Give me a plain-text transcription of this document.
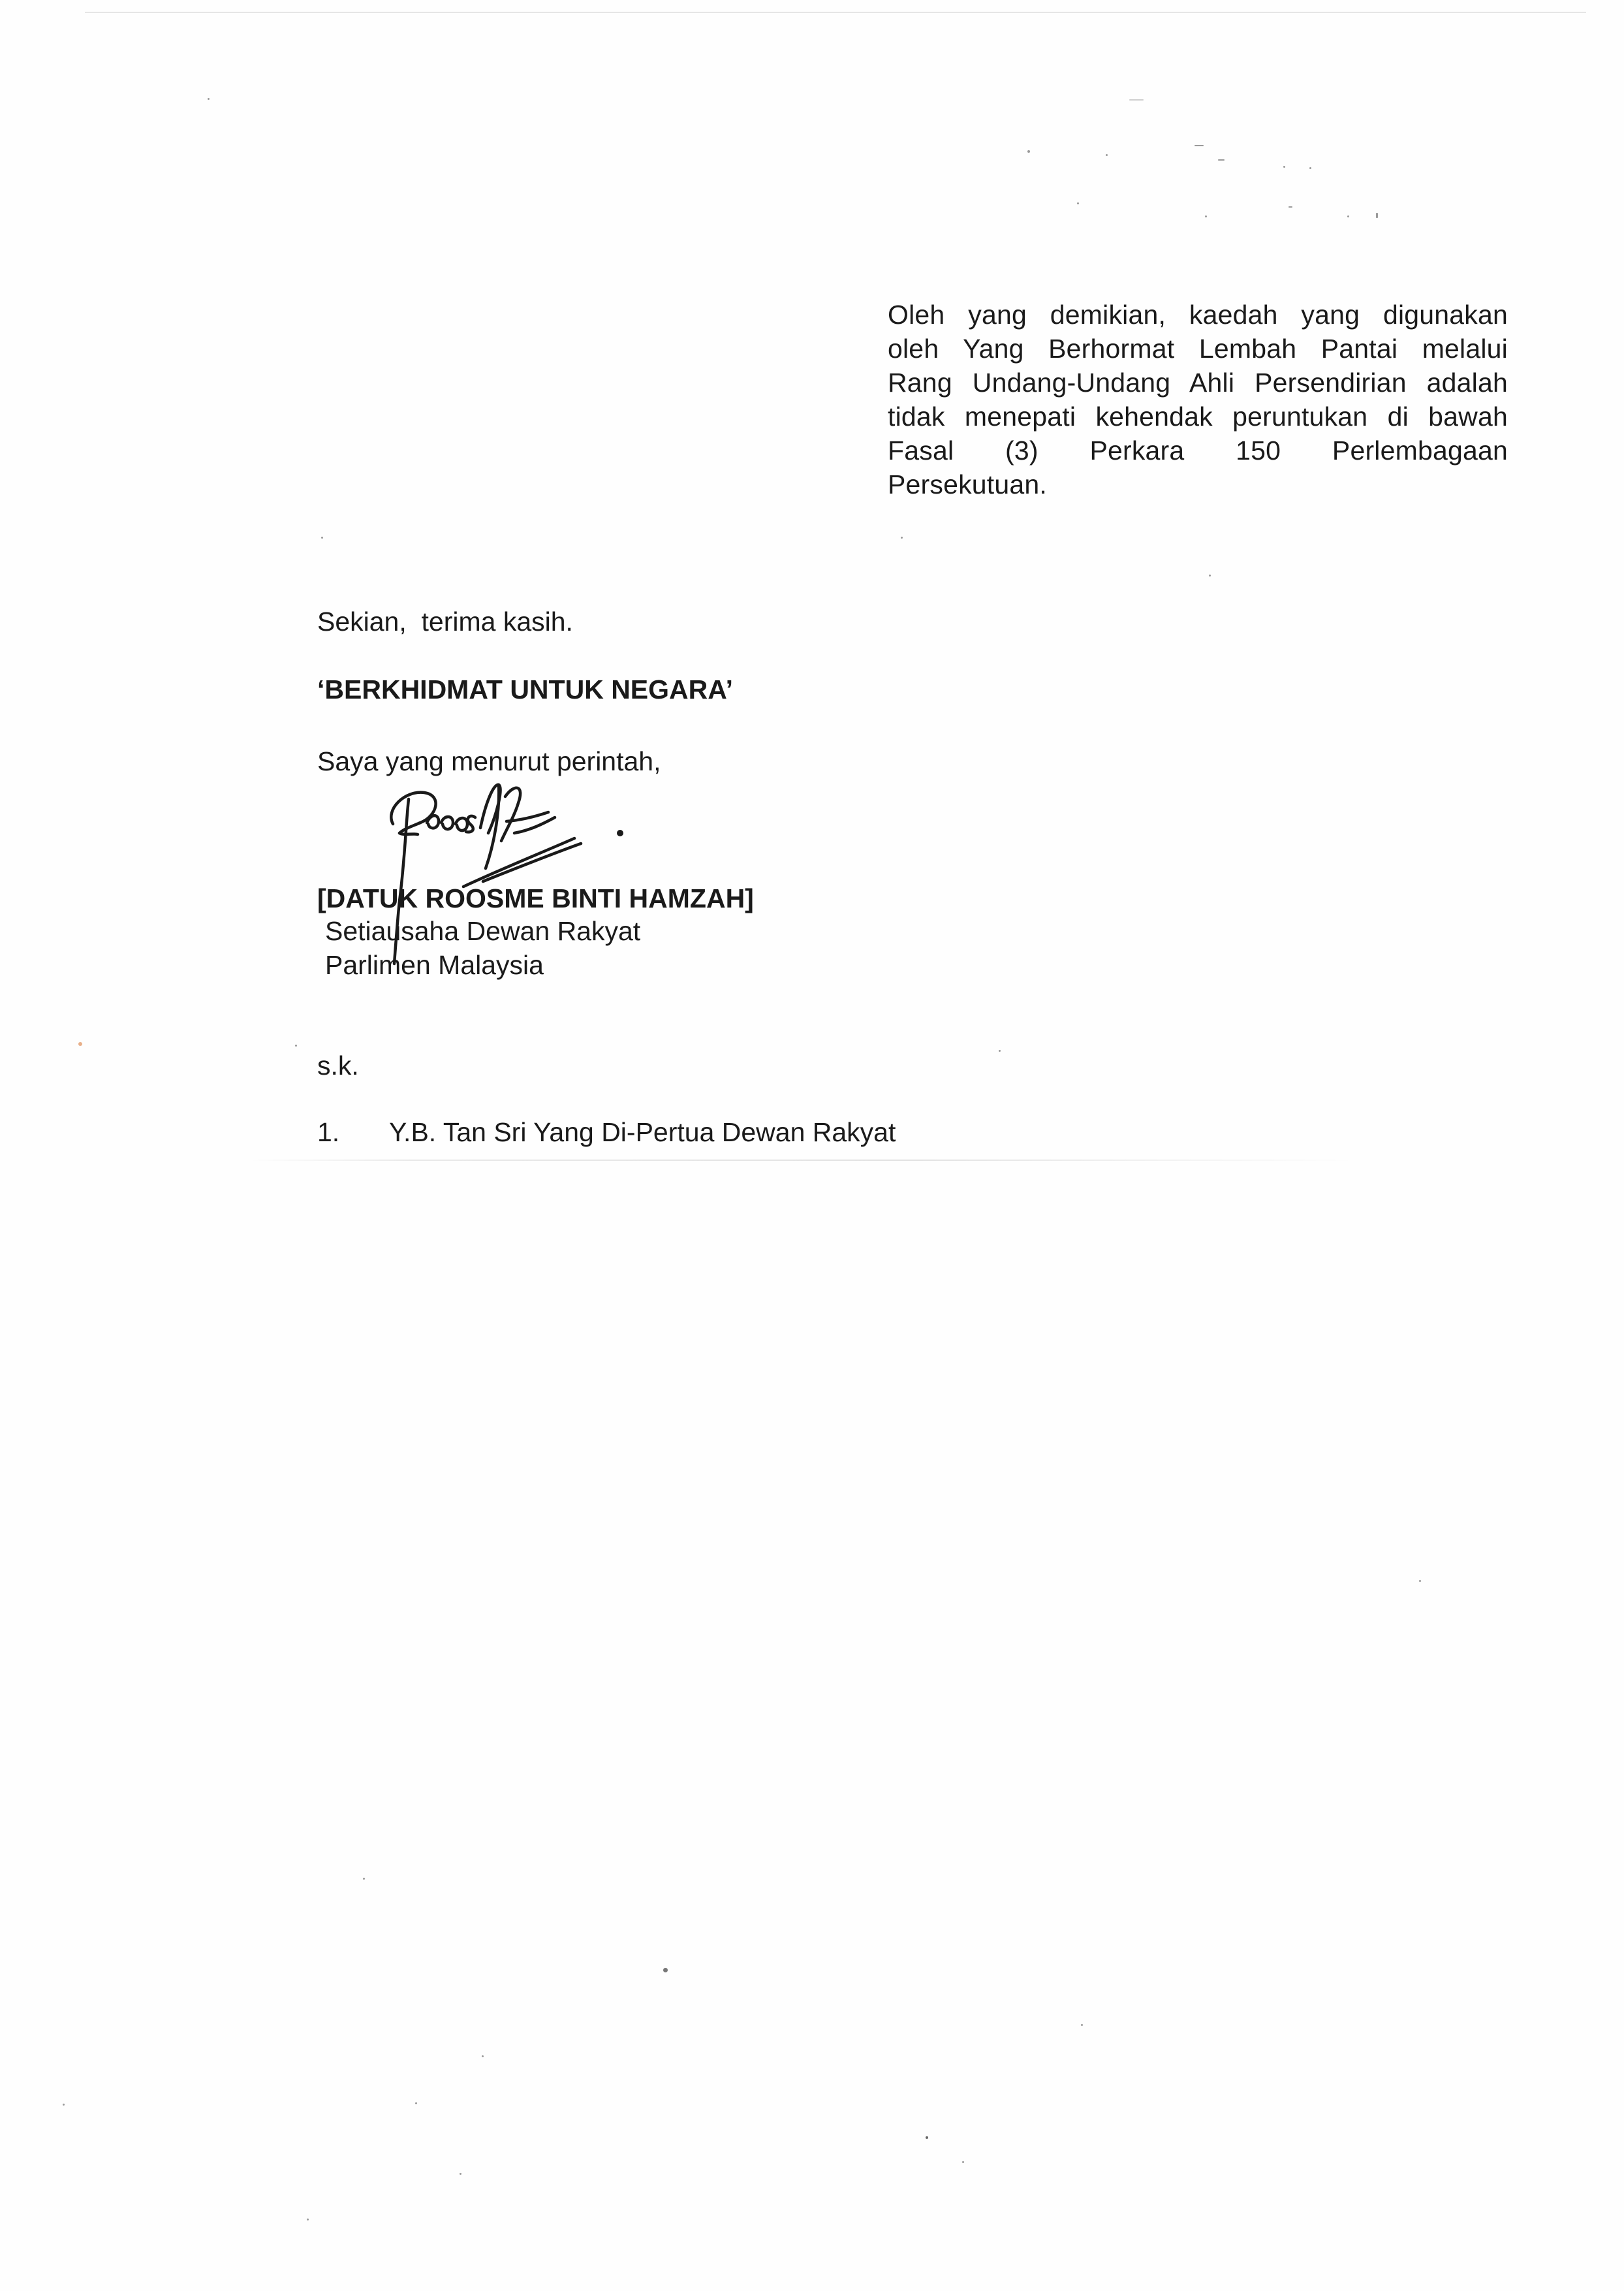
Oleh yang demikian, kaedah yang digunakan
oleh Yang Berhormat Lembah Pantai melalui
Rang Undang-Undang Ahli Persendirian adalah
tidak menepati kehendak peruntukan di bawah
Fasal (3) Perkara 150 Perlembagaan
Persekutuan.
Sekian,  terima kasih.
‘BERKHIDMAT UNTUK NEGARA’
Saya yang menurut perintah,
[DATUK ROOSME BINTI HAMZAH]
Setiausaha Dewan Rakyat
Parlimen Malaysia
s.k.
1. Y.B. Tan Sri Yang Di-Pertua Dewan Rakyat
